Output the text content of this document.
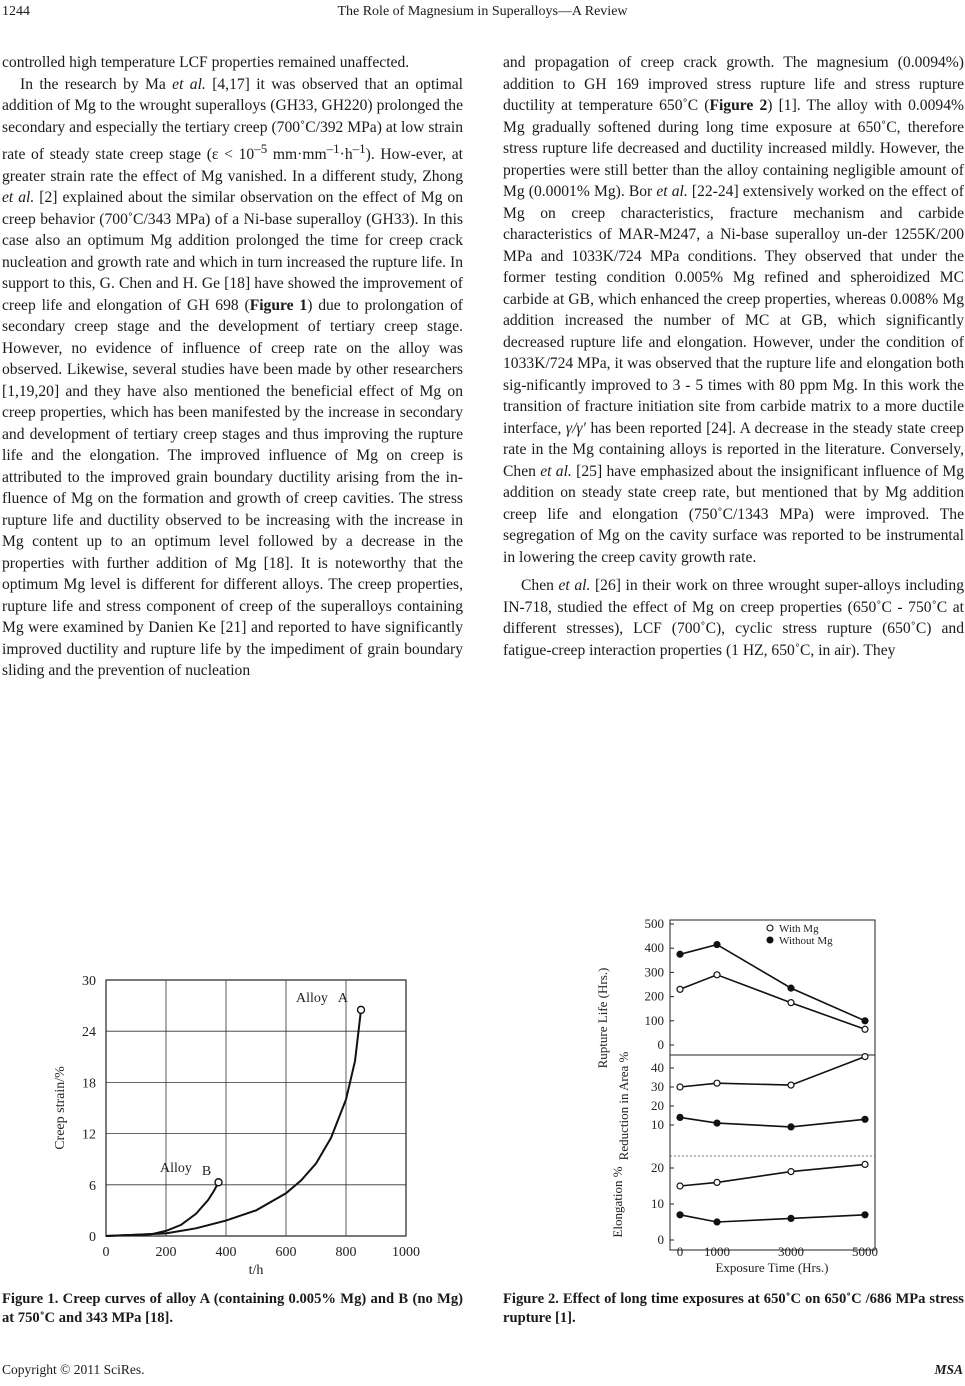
1244	The Role of Magnesium in Superalloys—A Review

controlled high temperature LCF properties remained unaffected.

In the research by Ma et al. [4,17] it was observed that an optimal addition of Mg to the wrought superalloys (GH33, GH220) prolonged the secondary and especially the tertiary creep (700˚C/392 MPa) at low strain rate of steady state creep stage ($\varepsilon < 10^{-5}$ $mm\cdot mm^{-1}\cdot h^{-1}$). How-ever, at greater strain rate the effect of Mg vanished. In a different study, Zhong et al. [2] explained about the similar observation on the effect of Mg on creep behavior (700˚C/343 MPa) of a Ni-base superalloy (GH33). In this case also an optimum Mg addition prolonged the time for creep crack nucleation and growth rate and which in turn increased the rupture life. In support to this, G. Chen and H. Ge [18] have showed the improvement of creep life and elongation of GH 698 (Figure 1) due to prolongation of secondary creep stage and the development of tertiary creep stage. However, no evidence of influence of creep rate on the alloy was observed. Likewise, several studies have been made by other researchers [1,19,20] and they have also mentioned the beneficial effect of Mg on creep properties, which has been manifested by the increase in secondary and development of tertiary creep stages and thus improving the rupture life and the elongation. The improved influence of Mg on creep is attributed to the improved grain boundary ductility arising from the in-fluence of Mg on the formation and growth of creep cavities. The stress rupture life and ductility observed to be increasing with the increase in Mg content up to an optimum level followed by a decrease in the properties with further addition of Mg [18]. It is noteworthy that the optimum Mg level is different for different alloys. The creep properties, rupture life and stress component of creep of the superalloys containing Mg were examined by Danien Ke [21] and reported to have significantly improved ductility and rupture life by the impediment of grain boundary sliding and the prevention of nucleation

and propagation of creep crack growth. The magnesium (0.0094%) addition to GH 169 improved stress rupture life and stress rupture ductility at temperature 650˚C (Figure 2) [1]. The alloy with 0.0094% Mg gradually softened during long time exposure at 650˚C, therefore stress rupture life decreased and ductility increased mildly. However, the properties were still better than the alloy containing negligible amount of Mg (0.0001% Mg). Bor et al. [22-24] extensively worked on the effect of Mg on creep characteristics, fracture mechanism and carbide characteristics of MAR-M247, a Ni-base superalloy un-der 1255K/200 MPa and 1033K/724 MPa conditions. They observed that under the former testing condition 0.005% Mg refined and spheroidized MC carbide at GB, which enhanced the creep properties, whereas 0.008% Mg addition increased the number of MC at GB, which significantly decreased rupture life and elongation. However, under the condition of 1033K/724 MPa, it was observed that the rupture life and elongation both sig-nificantly improved to 3 - 5 times with 80 ppm Mg. In this work the transition of fracture initiation site from carbide matrix to a more ductile interface, γ/γ′ has been reported [24]. A decrease in the steady state creep rate in the Mg containing alloys is reported in the literature. Conversely, Chen et al. [25] have emphasized about the insignificant influence of Mg addition on steady state creep rate, but mentioned that by Mg addition creep life and elongation (750˚C/1343 MPa) were improved. The segregation of Mg on the cavity surface was reported to be instrumental in lowering the creep cavity growth rate.

Chen et al. [26] in their work on three wrought super-alloys including IN-718, studied the effect of Mg on creep properties (650˚C - 750˚C at different stresses), LCF (700˚C), cyclic stress rupture (650˚C) and fatigue-creep interaction properties (1 HZ, 650˚C, in air). They

0
6
12
18
24
30
0	200	400	600	800	1000
Creep strain/%
t/h
Alloy A
Alloy B
Figure 1. Creep curves of alloy A (containing 0.005% Mg) and B (no Mg) at 750˚C and 343 MPa [18].
0
100
200
300
400
500
10
20
30
40
0
10
20
0 1000	3000	5000
With Mg
Without Mg
Rupture Life (Hrs.)
Reduction in Area %
Elongation %
Exposure Time (Hrs.)
Figure 2. Effect of long time exposures at 650˚C on 650˚C /686 MPa stress rupture [1].
Copyright © 2011 SciRes.	MSA
